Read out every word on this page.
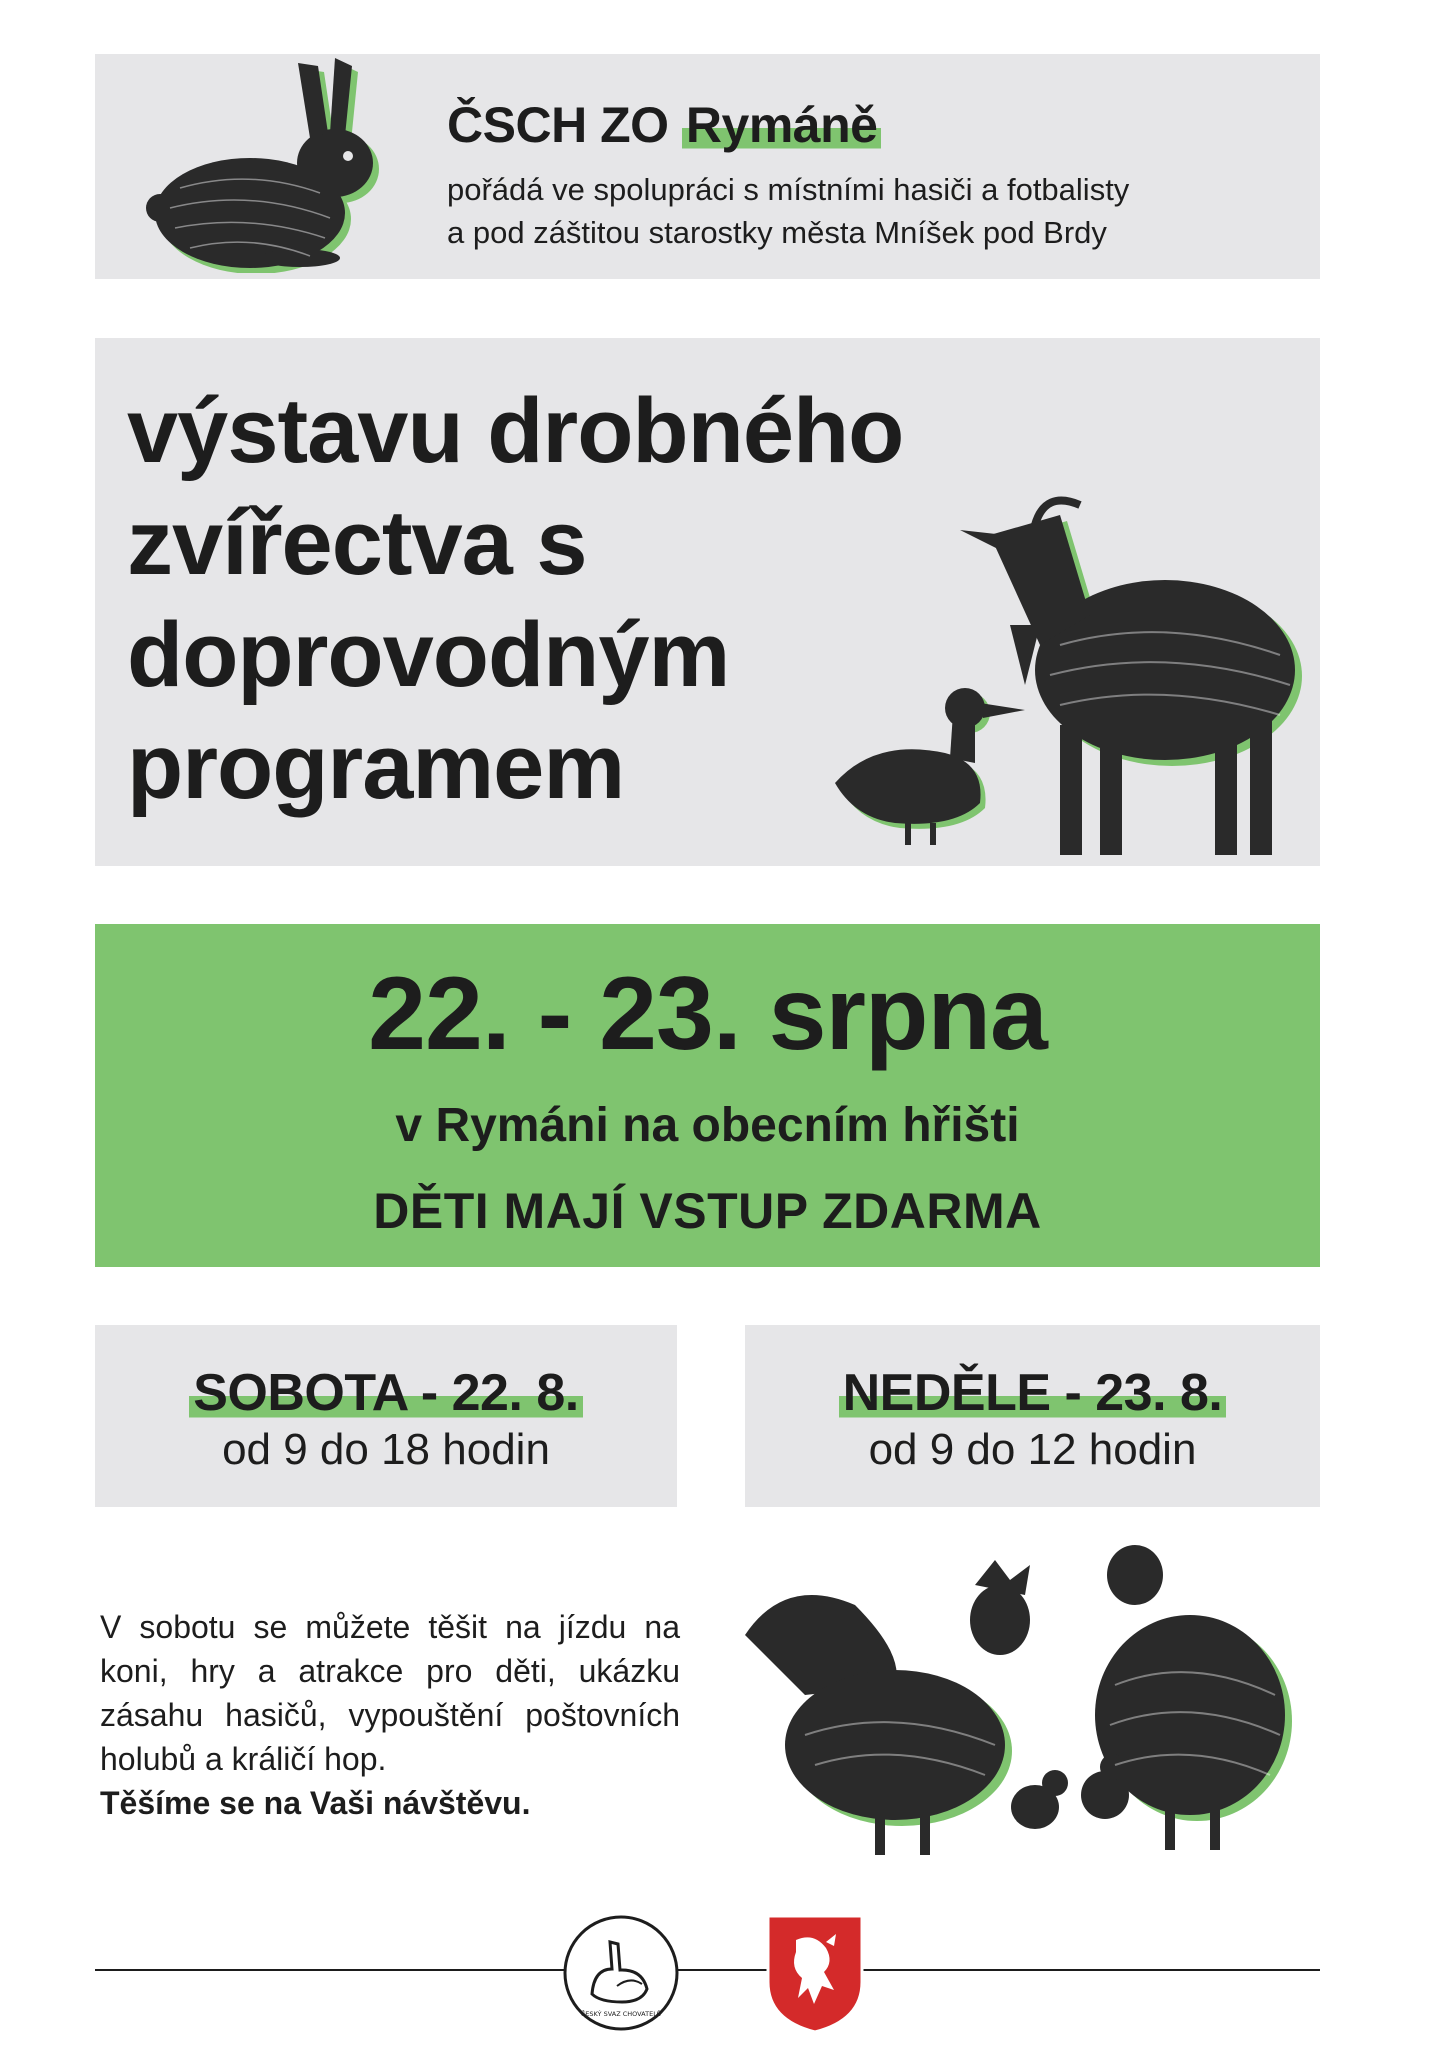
ČSCH ZO Rymáně
pořádá ve spolupráci s místními hasiči a fotbalisty
a pod záštitou starostky města Mníšek pod Brdy
výstavu drobného
zvířectva s
doprovodným
programem
22. - 23. srpna
v Rymáni na obecním hřišti
DĚTI MAJÍ VSTUP ZDARMA
SOBOTA - 22. 8.
od 9 do 18 hodin
NEDĚLE - 23. 8.
od 9 do 12 hodin

V sobotu se můžete těšit na jízdu na koni, hry a atrakce pro děti, ukázku zásahu hasičů, vypouštění poštovních holubů a králičí hop.

Těšíme se na Vaši návštěvu.

ČESKÝ SVAZ CHOVATELŮ
